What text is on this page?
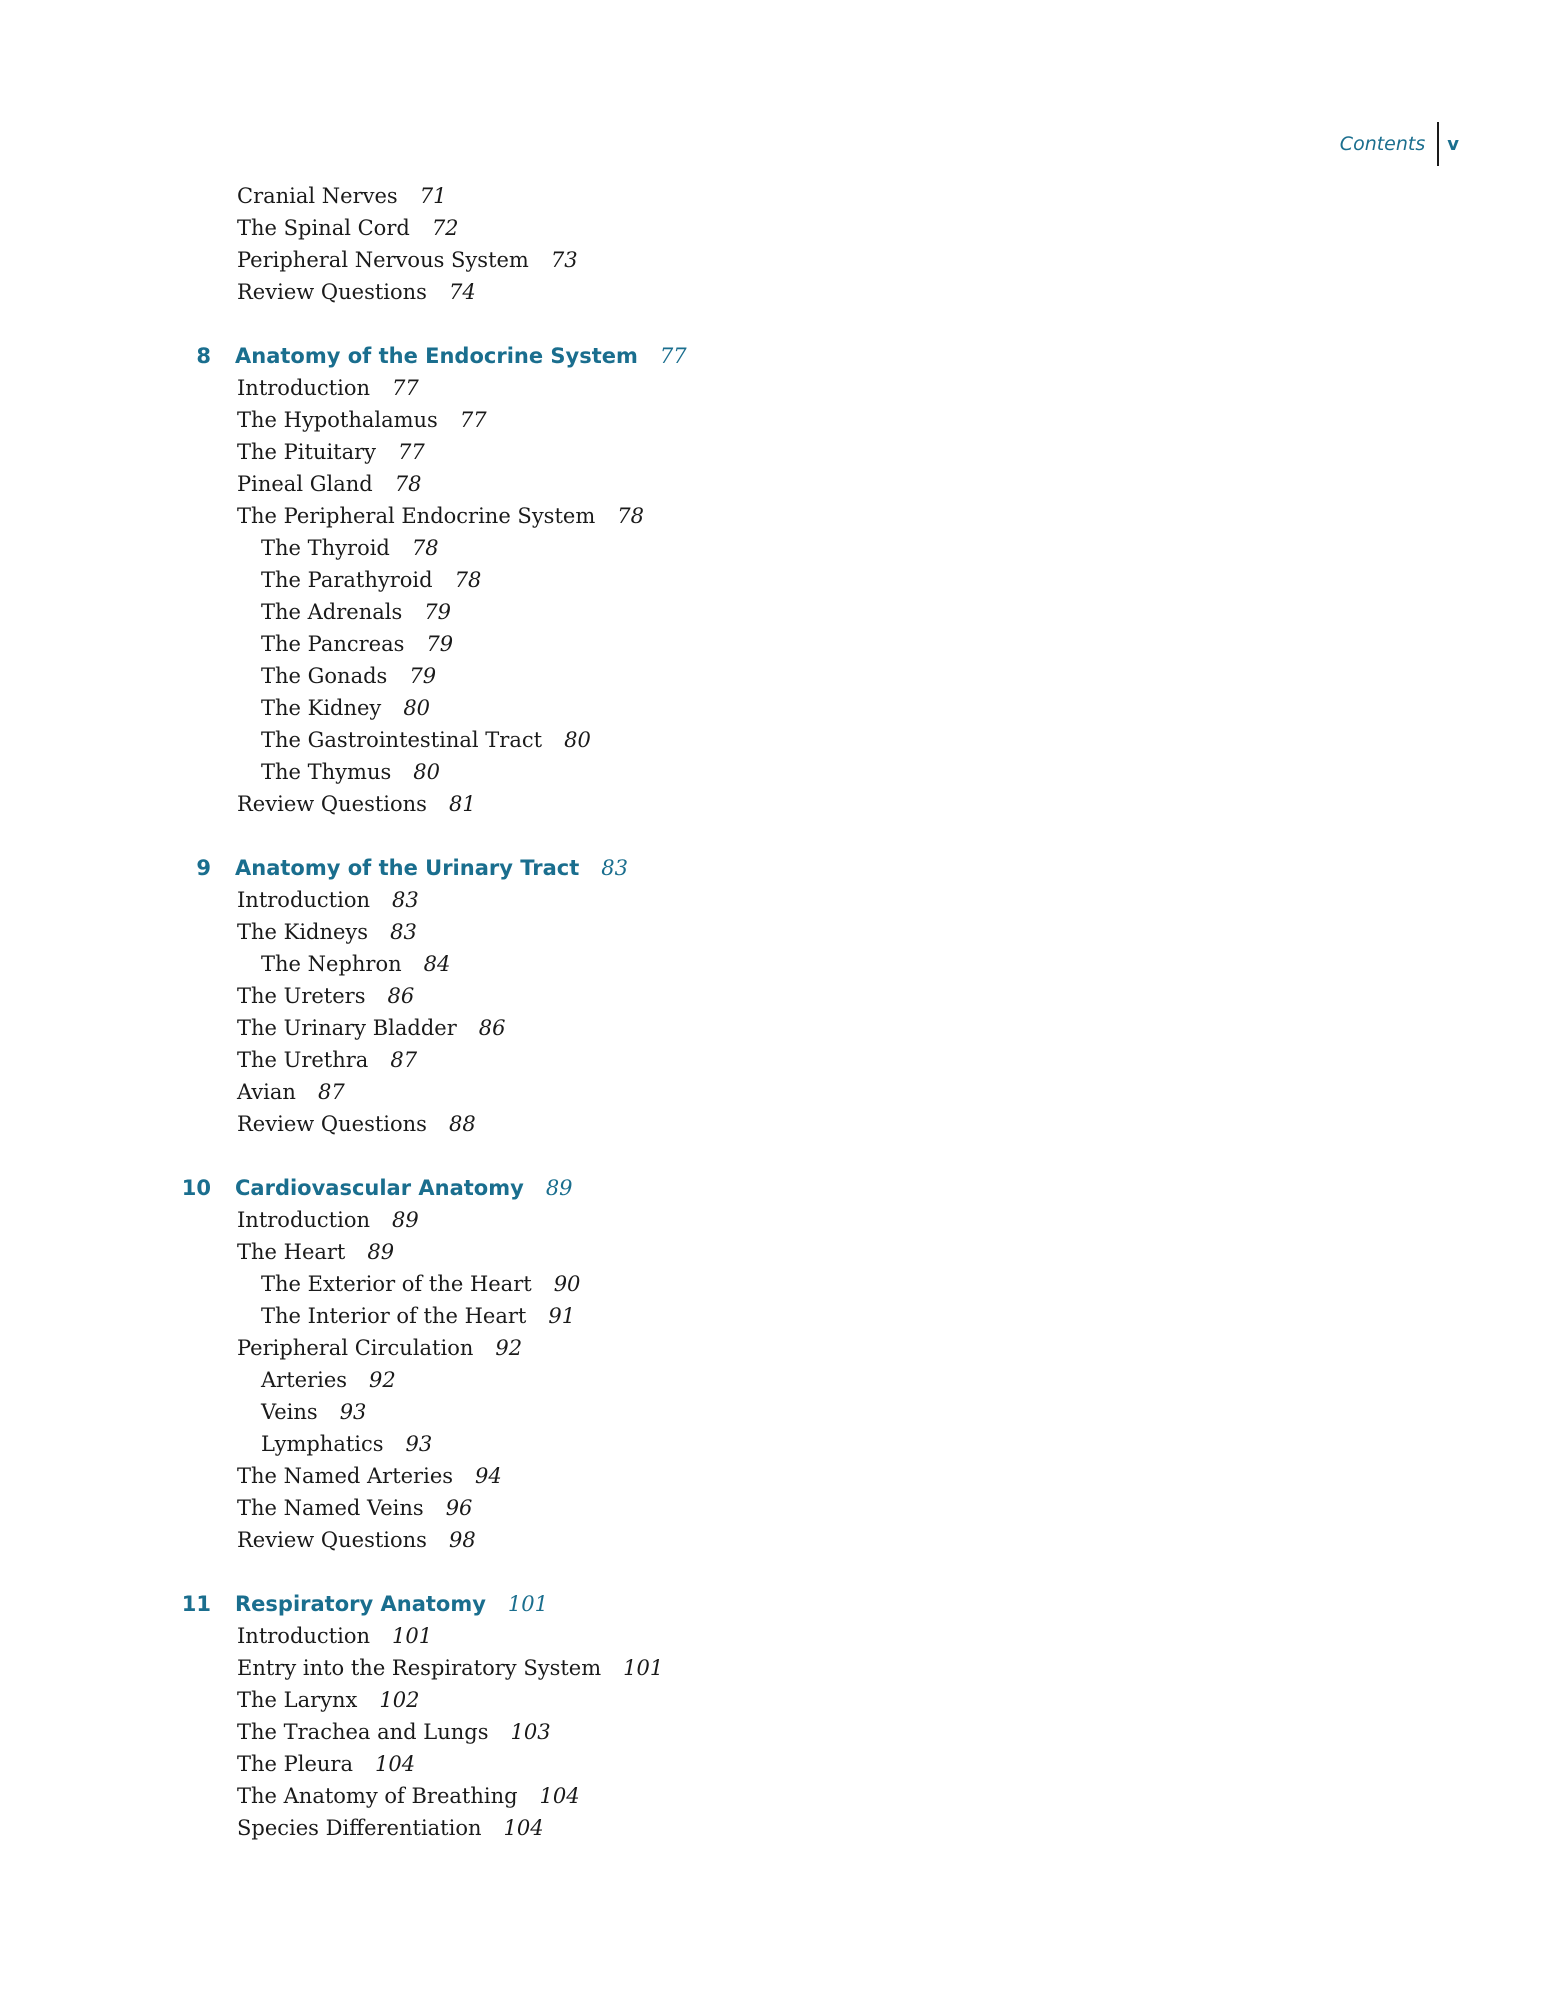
Contents	v
Cranial Nerves 71
The Spinal Cord 72
Peripheral Nervous System 73
Review Questions 74
8 Anatomy of the Endocrine System 77
Introduction 77
The Hypothalamus 77
The Pituitary 77
Pineal Gland 78
The Peripheral Endocrine System 78
The Thyroid 78
The Parathyroid 78
The Adrenals 79
The Pancreas 79
The Gonads 79
The Kidney 80
The Gastrointestinal Tract 80
The Thymus 80
Review Questions 81
9 Anatomy of the Urinary Tract 83
Introduction 83
The Kidneys 83
The Nephron 84
The Ureters 86
The Urinary Bladder 86
The Urethra 87
Avian 87
Review Questions 88
10 Cardiovascular Anatomy 89
Introduction 89
The Heart 89
The Exterior of the Heart 90
The Interior of the Heart 91
Peripheral Circulation 92
Arteries 92
Veins 93
Lymphatics 93
The Named Arteries 94
The Named Veins 96
Review Questions 98
11 Respiratory Anatomy 101
Introduction 101
Entry into the Respiratory System 101
The Larynx 102
The Trachea and Lungs 103
The Pleura 104
The Anatomy of Breathing 104
Species Differentiation 104
